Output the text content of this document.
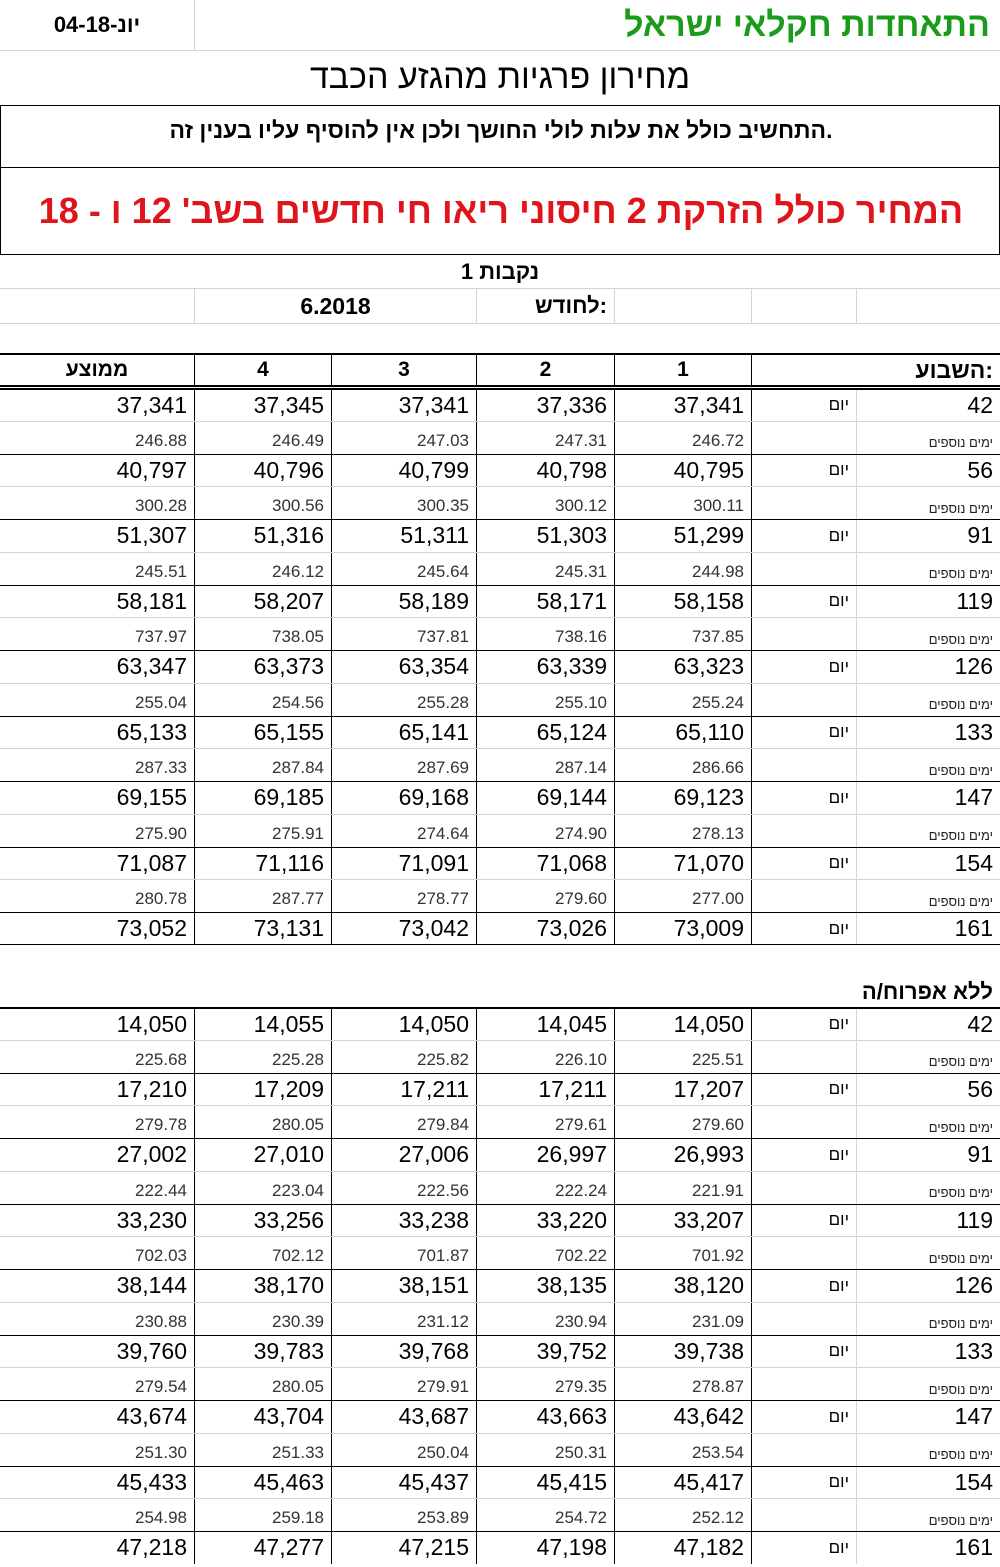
04-יונ-18	התאחדות חקלאי ישראל
מחירון פרגיות מהגזע הכבד
התחשיב כולל את עלות לולי החושך ולכן אין להוסיף עליו בענין זה.
המחיר כולל הזרקת 2 חיסוני ריאו חי חדשים בשב' 12 ו - 18
נקבות 1
6.2018	לחודש:
ממוצע	4	3	2	1	השבוע:
37,341	37,345	37,341	37,336	37,341	יום	42
246.88	246.49	247.03	247.31	246.72	ימים נוספים
40,797	40,796	40,799	40,798	40,795	יום	56
300.28	300.56	300.35	300.12	300.11	ימים נוספים
51,307	51,316	51,311	51,303	51,299	יום	91
245.51	246.12	245.64	245.31	244.98	ימים נוספים
58,181	58,207	58,189	58,171	58,158	יום	119
737.97	738.05	737.81	738.16	737.85	ימים נוספים
63,347	63,373	63,354	63,339	63,323	יום	126
255.04	254.56	255.28	255.10	255.24	ימים נוספים
65,133	65,155	65,141	65,124	65,110	יום	133
287.33	287.84	287.69	287.14	286.66	ימים נוספים
69,155	69,185	69,168	69,144	69,123	יום	147
275.90	275.91	274.64	274.90	278.13	ימים נוספים
71,087	71,116	71,091	71,068	71,070	יום	154
280.78	287.77	278.77	279.60	277.00	ימים נוספים
73,052	73,131	73,042	73,026	73,009	יום	161
ללא אפרוח/ה
14,050	14,055	14,050	14,045	14,050	יום	42
225.68	225.28	225.82	226.10	225.51	ימים נוספים
17,210	17,209	17,211	17,211	17,207	יום	56
279.78	280.05	279.84	279.61	279.60	ימים נוספים
27,002	27,010	27,006	26,997	26,993	יום	91
222.44	223.04	222.56	222.24	221.91	ימים נוספים
33,230	33,256	33,238	33,220	33,207	יום	119
702.03	702.12	701.87	702.22	701.92	ימים נוספים
38,144	38,170	38,151	38,135	38,120	יום	126
230.88	230.39	231.12	230.94	231.09	ימים נוספים
39,760	39,783	39,768	39,752	39,738	יום	133
279.54	280.05	279.91	279.35	278.87	ימים נוספים
43,674	43,704	43,687	43,663	43,642	יום	147
251.30	251.33	250.04	250.31	253.54	ימים נוספים
45,433	45,463	45,437	45,415	45,417	יום	154
254.98	259.18	253.89	254.72	252.12	ימים נוספים
47,218	47,277	47,215	47,198	47,182	יום	161
